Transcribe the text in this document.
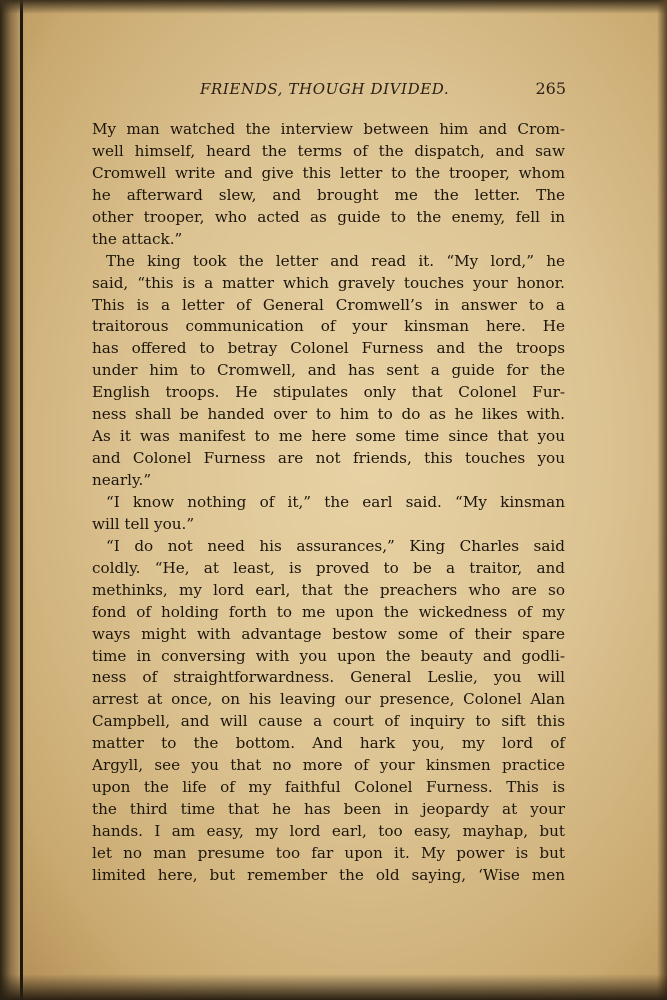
FRIENDS, THOUGH DIVIDED.	265
My man watched the interview between him and Crom-
well himself, heard the terms of the dispatch, and saw
Cromwell write and give this letter to the trooper, whom
he afterward slew, and brought me the letter. The
other trooper, who acted as guide to the enemy, fell in
the attack.”
The king took the letter and read it. “My lord,” he
said, “this is a matter which gravely touches your honor.
This is a letter of General Cromwell’s in answer to a
traitorous communication of your kinsman here. He
has offered to betray Colonel Furness and the troops
under him to Cromwell, and has sent a guide for the
English troops. He stipulates only that Colonel Fur-
ness shall be handed over to him to do as he likes with.
As it was manifest to me here some time since that you
and Colonel Furness are not friends, this touches you
nearly.”
“I know nothing of it,” the earl said. “My kinsman
will tell you.”
“I do not need his assurances,” King Charles said
coldly. “He, at least, is proved to be a traitor, and
methinks, my lord earl, that the preachers who are so
fond of holding forth to me upon the wickedness of my
ways might with advantage bestow some of their spare
time in conversing with you upon the beauty and godli-
ness of straightforwardness. General Leslie, you will
arrest at once, on his leaving our presence, Colonel Alan
Campbell, and will cause a court of inquiry to sift this
matter to the bottom. And hark you, my lord of
Argyll, see you that no more of your kinsmen practice
upon the life of my faithful Colonel Furness. This is
the third time that he has been in jeopardy at your
hands. I am easy, my lord earl, too easy, mayhap, but
let no man presume too far upon it. My power is but
limited here, but remember the old saying, ‘Wise men
